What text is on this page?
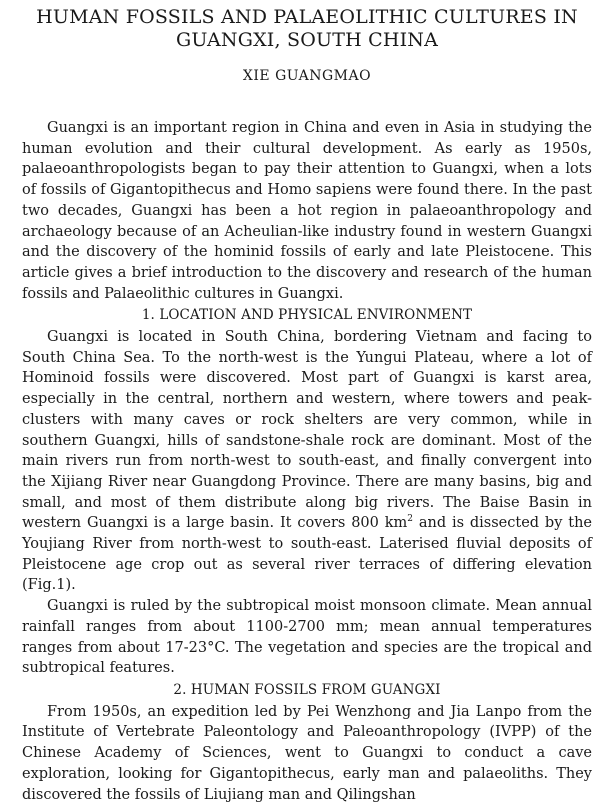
HUMAN FOSSILS AND PALAEOLITHIC CULTURES IN
GUANGXI, SOUTH CHINA
XIE GUANGMAO

Guangxi is an important region in China and even in Asia in studying the human evolution and their cultural development. As early as 1950s, palaeoanthropologists began to pay their attention to Guangxi, when a lots of fossils of Gigantopithecus and Homo sapiens were found there. In the past two decades, Guangxi has been a hot region in palaeoanthropology and archaeology because of an Acheulian-like industry found in western Guangxi and the discovery of the hominid fossils of early and late Pleistocene. This article gives a brief introduction to the discovery and research of the human fossils and Palaeolithic cultures in Guangxi.

1. LOCATION AND PHYSICAL ENVIRONMENT

Guangxi is located in South China, bordering Vietnam and facing to South China Sea. To the north-west is the Yungui Plateau, where a lot of Hominoid fossils were discovered. Most part of Guangxi is karst area, especially in the central, northern and western, where towers and peak-clusters with many caves or rock shelters are very common, while in southern Guangxi, hills of sandstone-shale rock are dominant. Most of the main rivers run from north-west to south-east, and finally convergent into the Xijiang River near Guangdong Province. There are many basins, big and small, and most of them distribute along big rivers. The Baise Basin in western Guangxi is a large basin. It covers 800 $km^2$ and is dissected by the Youjiang River from north-west to south-east. Laterised fluvial deposits of Pleistocene age crop out as several river terraces of differing elevation (Fig.1).

Guangxi is ruled by the subtropical moist monsoon climate. Mean annual rainfall ranges from about 1100-2700 mm; mean annual temperatures ranges from about 17-23°C. The vegetation and species are the tropical and subtropical features.

2. HUMAN FOSSILS FROM GUANGXI

From 1950s, an expedition led by Pei Wenzhong and Jia Lanpo from the Institute of Vertebrate Paleontology and Paleoanthropology (IVPP) of the Chinese Academy of Sciences, went to Guangxi to conduct a cave exploration, looking for Gigantopithecus, early man and palaeoliths. They discovered the fossils of Liujiang man and Qilingshan
